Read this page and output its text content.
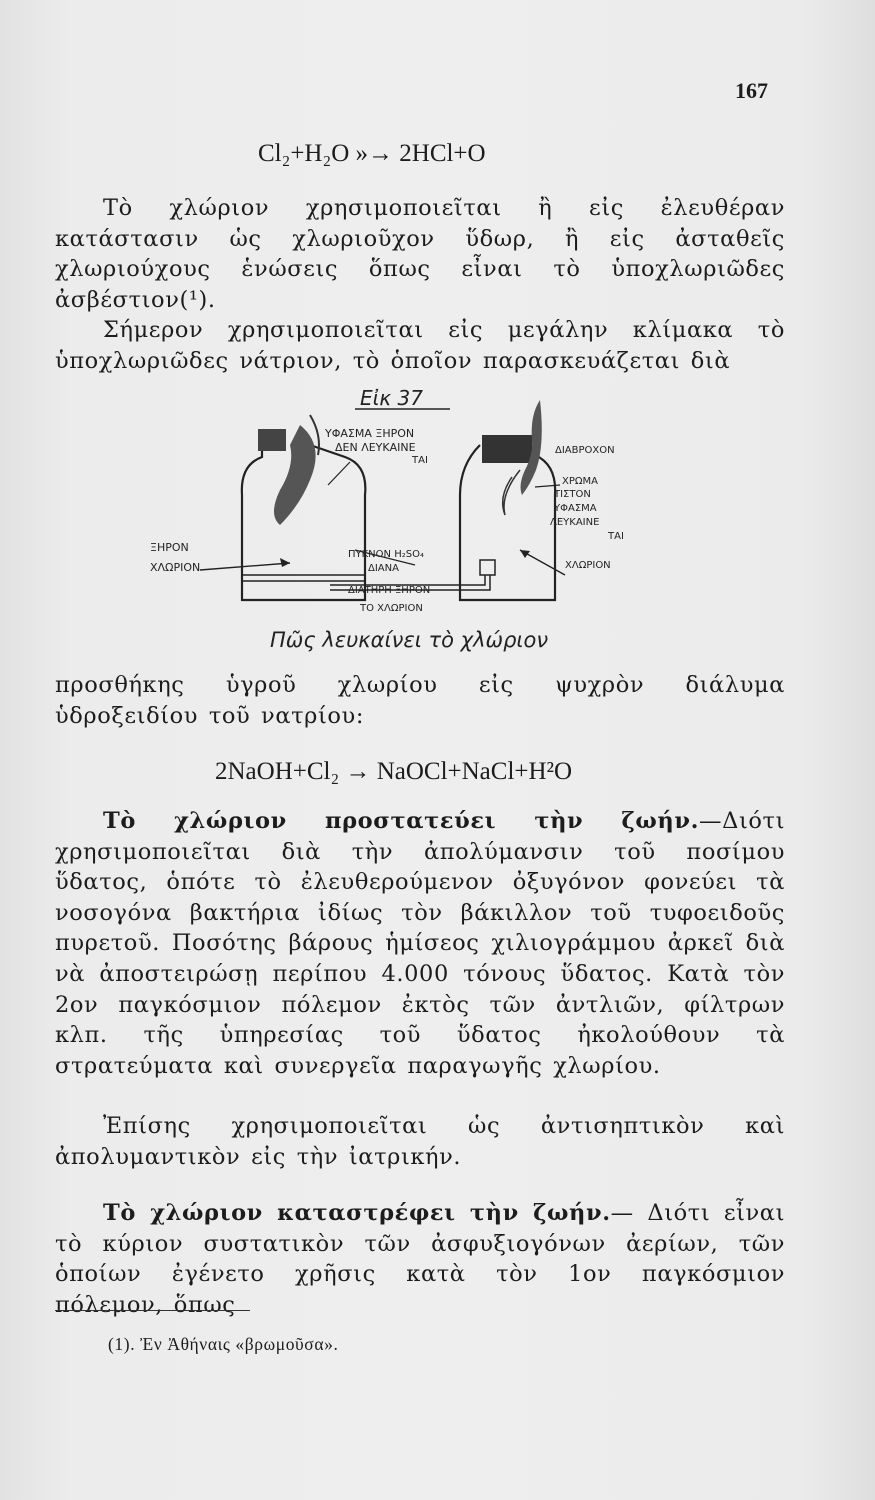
167
Cl₂+H₂O »→ 2HCl+O
Τὸ χλώριον χρησιμοποιεῖται ἢ εἰς ἐλευθέραν κατάστασιν ὡς χλωριοῦχον ὕδωρ, ἢ εἰς ἀσταθεῖς χλωριούχους ἑνώσεις ὅπως εἶναι τὸ ὑποχλωριῶδες ἀσβέστιον(¹).
Σήμερον χρησιμοποιεῖται εἰς μεγάλην κλίμακα τὸ ὑποχλωριῶδες νάτριον, τὸ ὁποῖον παρασκευάζεται διὰ
Εἰκ 37
ΥΦΑΣΜΑ ΞΗΡΟΝ
ΔΕΝ ΛΕΥΚΑΙΝΕ
ΤΑΙ
ΞΗΡΟΝ
ΧΛΩΡΙΟΝ
ΠΥΚΝΟΝ H₂SO₄
ΔΙΑΝΑ
ΔΙΑΤΗΡΗ ΞΗΡΟΝ
ΤΟ ΧΛΩΡΙΟΝ
ΔΙΑΒΡΟΧΟΝ
ΧΡΩΜΑ
ΤΙΣΤΟΝ
ΥΦΑΣΜΑ
ΛΕΥΚΑΙΝΕ
ΤΑΙ
ΧΛΩΡΙΟΝ
Πῶς λευκαίνει τὸ χλώριον
προσθήκης ὑγροῦ χλωρίου εἰς ψυχρὸν διάλυμα ὑδροξειδίου τοῦ νατρίου:
2NaOH+Cl₂ → NaOCl+NaCl+H²O
Τὸ χλώριον προστατεύει τὴν ζωήν.—Διότι χρησιμοποιεῖται διὰ τὴν ἀπολύμανσιν τοῦ ποσίμου ὕδατος, ὁπότε τὸ ἐλευθερούμενον ὀξυγόνον φονεύει τὰ νοσογόνα βακτήρια ἰδίως τὸν βάκιλλον τοῦ τυφοειδοῦς πυρετοῦ. Ποσότης βάρους ἡμίσεος χιλιογράμμου ἀρκεῖ διὰ νὰ ἀποστειρώσῃ περίπου 4.000 τόνους ὕδατος. Κατὰ τὸν 2ον παγκόσμιον πόλεμον ἐκτὸς τῶν ἀντλιῶν, φίλτρων κλπ. τῆς ὑπηρεσίας τοῦ ὕδατος ἠκολούθουν τὰ στρατεύματα καὶ συνεργεῖα παραγωγῆς χλωρίου.
Ἐπίσης χρησιμοποιεῖται ὡς ἀντισηπτικὸν καὶ ἀπολυμαντικὸν εἰς τὴν ἰατρικήν.
Τὸ χλώριον καταστρέφει τὴν ζωήν.— Διότι εἶναι τὸ κύριον συστατικὸν τῶν ἀσφυξιογόνων ἀερίων, τῶν ὁποίων ἐγένετο χρῆσις κατὰ τὸν 1ον παγκόσμιον πόλεμον, ὅπως
(1). Ἐν Ἀθήναις «βρωμοῦσα».
